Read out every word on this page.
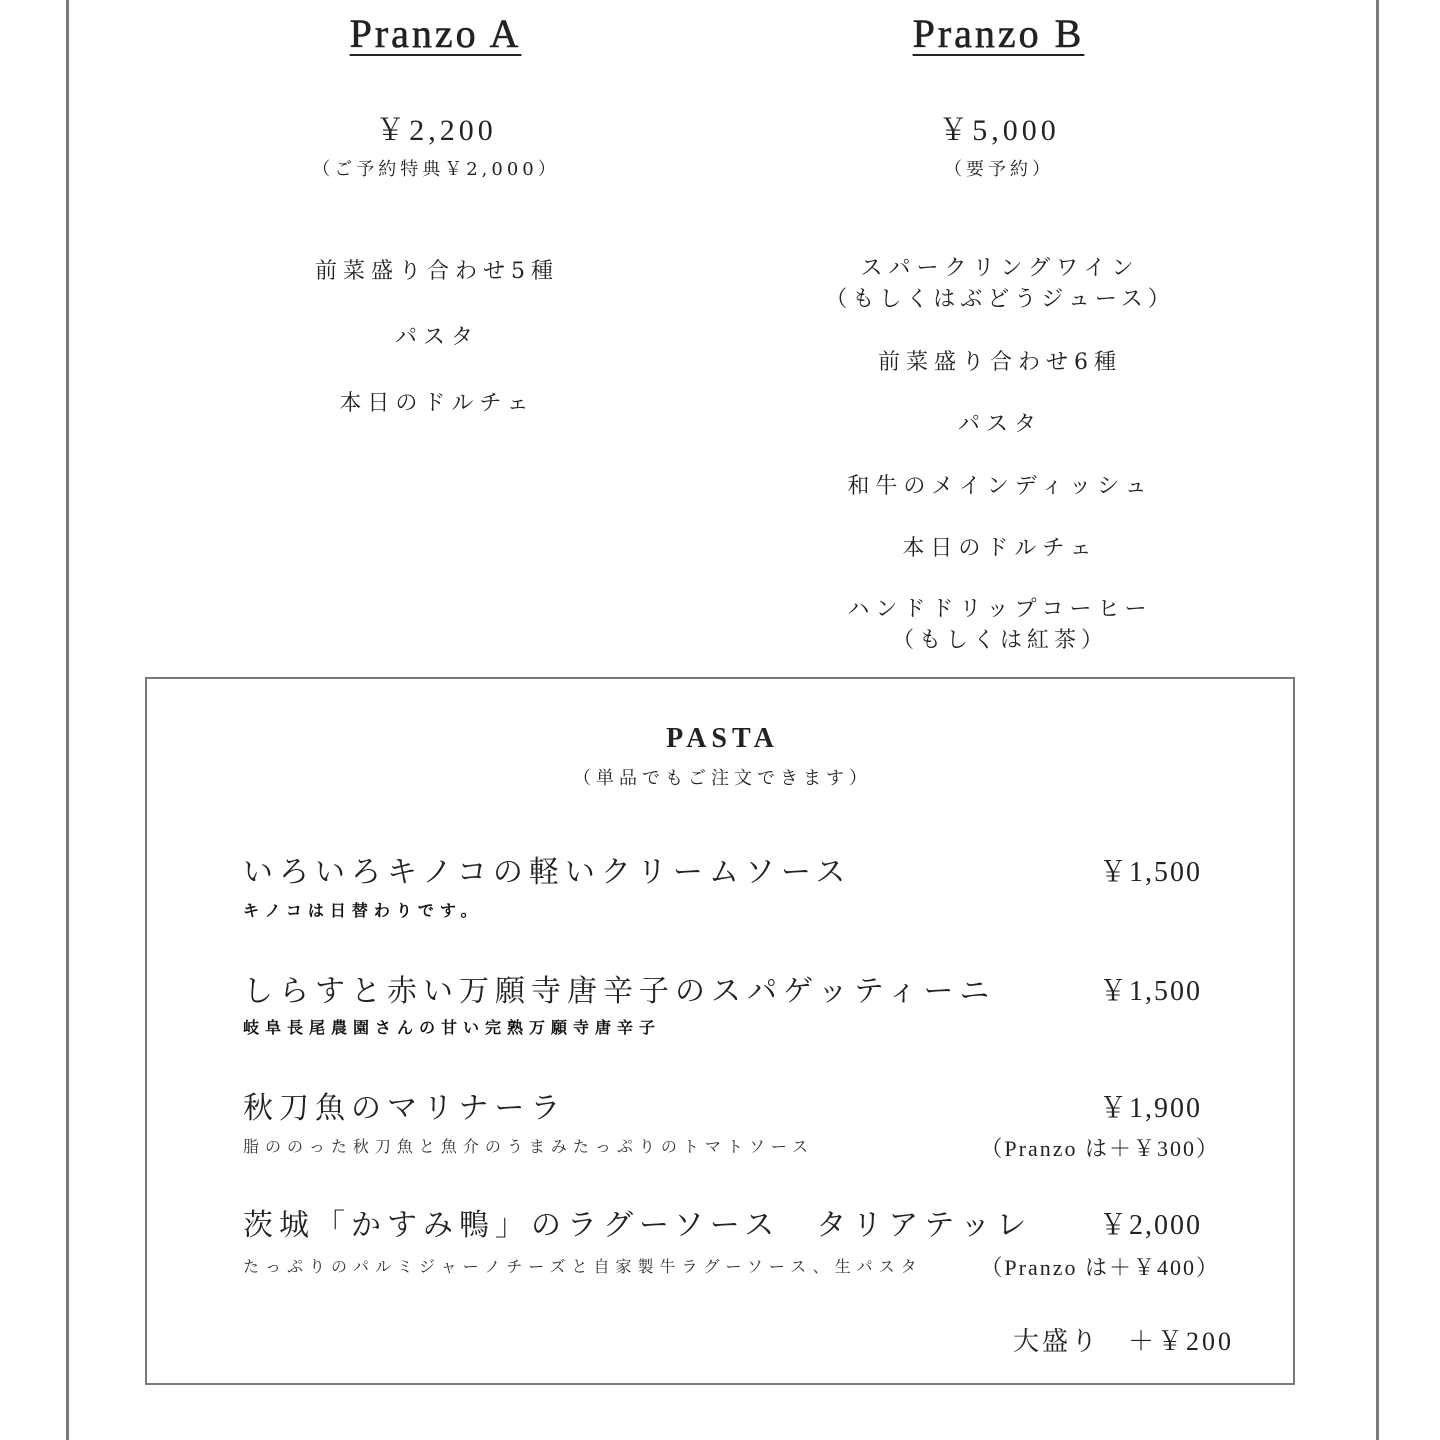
Pranzo A
￥2,200
（ご予約特典￥2,000）
前菜盛り合わせ5種
パスタ
本日のドルチェ
Pranzo B
￥5,000
（要予約）
スパークリングワイン
（もしくはぶどうジュース）
前菜盛り合わせ6種
パスタ
和牛のメインディッシュ
本日のドルチェ
ハンドドリップコーヒー
（もしくは紅茶）
PASTA
（単品でもご注文できます）
いろいろキノコの軽いクリームソース	￥1,500
キノコは日替わりです。
しらすと赤い万願寺唐辛子のスパゲッティーニ	￥1,500
岐阜長尾農園さんの甘い完熟万願寺唐辛子
秋刀魚のマリナーラ	￥1,900
脂ののった秋刀魚と魚介のうまみたっぷりのトマトソース	（Pranzo は＋￥300）
茨城「かすみ鴨」のラグーソース　タリアテッレ ￥2,000
たっぷりのパルミジャーノチーズと自家製牛ラグーソース、生パスタ	（Pranzo は＋￥400）
大盛り ＋￥200
